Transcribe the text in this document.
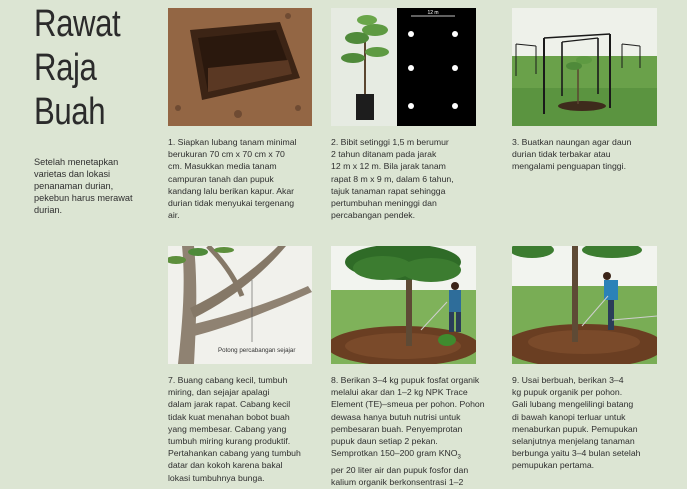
Rawat
Raja
Buah
Setelah menetapkan varietas dan lokasi penanaman durian, pekebun harus merawat durian.
12 m
Potong percabangan sejajar
1. Siapkan lubang tanam minimal
berukuran 70 cm x 70 cm x 70
cm. Masukkan media tanam
campuran tanah dan pupuk
kandang lalu berikan kapur. Akar
durian tidak menyukai tergenang
air.
2. Bibit setinggi 1,5 m berumur
2 tahun ditanam pada jarak
12 m x 12 m. Bila jarak tanam
rapat 8 m x 9 m, dalam 6 tahun,
tajuk tanaman rapat sehingga
pertumbuhan meninggi dan
percabangan pendek.
3. Buatkan naungan agar daun
durian tidak terbakar atau
mengalami penguapan tinggi.
7. Buang cabang kecil, tumbuh
miring, dan sejajar apalagi
dalam jarak rapat. Cabang kecil
tidak kuat menahan bobot buah
yang membesar. Cabang yang
tumbuh miring kurang produktif.
Pertahankan cabang yang tumbuh
datar dan kokoh karena bakal
lokasi tumbuhnya bunga.
8. Berikan 3–4 kg pupuk fosfat organik
melalui akar dan 1–2 kg NPK Trace
Element (TE)–smeua per pohon. Pohon
dewasa hanya butuh nutrisi untuk
pembesaran buah. Penyemprotan
pupuk daun setiap 2 pekan.
Semprotkan 150–200 gram $KNO_3$
per 20 liter air dan pupuk fosfor dan
kalium organik berkonsentrasi 1–2
9. Usai berbuah, berikan 3–4
kg pupuk organik per pohon.
Gali lubang mengelilingi batang
di bawah kanopi terluar untuk
menaburkan pupuk. Pemupukan
selanjutnya menjelang tanaman
berbunga yaitu 3–4 bulan setelah
pemupukan pertama.
